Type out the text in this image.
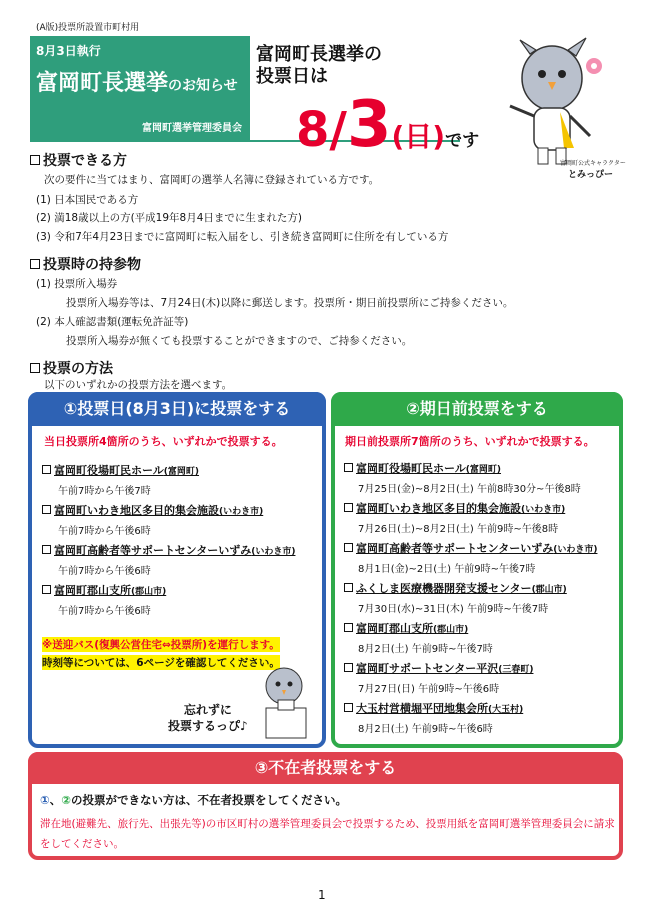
(A版)投票所設置市町村用
8月3日執行
富岡町長選挙のお知らせ
富岡町選挙管理委員会
富岡町長選挙の
投票日は
8/3(日)です
富岡町公式キャラクター
とみっぴー
投票できる方
次の要件に当てはまり、富岡町の選挙人名簿に登録されている方です。
(1) 日本国民である方
(2) 満18歳以上の方(平成19年8月4日までに生まれた方)
(3) 令和7年4月23日までに富岡町に転入届をし、引き続き富岡町に住所を有している方
投票時の持参物
(1) 投票所入場券
投票所入場券等は、7月24日(木)以降に郵送します。投票所・期日前投票所にご持参ください。
(2) 本人確認書類(運転免許証等)
投票所入場券が無くても投票することができますので、ご持参ください。
投票の方法
以下のいずれかの投票方法を選べます。
①投票日(8月3日)に投票をする
当日投票所4箇所のうち、いずれかで投票する。
富岡町役場町民ホール(富岡町)
午前7時から午後7時
富岡町いわき地区多目的集会施設(いわき市)
午前7時から午後6時
富岡町高齢者等サポートセンターいずみ(いわき市)
午前7時から午後6時
富岡町郡山支所(郡山市)
午前7時から午後6時
※送迎バス(復興公営住宅⇔投票所)を運行します。
時刻等については、6ページを確認してください。
忘れずに
投票するっぴ♪
②期日前投票をする
期日前投票所7箇所のうち、いずれかで投票する。
富岡町役場町民ホール(富岡町)
7月25日(金)~8月2日(土) 午前8時30分~午後8時
富岡町いわき地区多目的集会施設(いわき市)
7月26日(土)~8月2日(土) 午前9時~午後8時
富岡町高齢者等サポートセンターいずみ(いわき市)
8月1日(金)~2日(土) 午前9時~午後7時
ふくしま医療機器開発支援センター(郡山市)
7月30日(水)~31日(木) 午前9時~午後7時
富岡町郡山支所(郡山市)
8月2日(土) 午前9時~午後7時
富岡町サポートセンター平沢(三春町)
7月27日(日) 午前9時~午後6時
大玉村営横堀平団地集会所(大玉村)
8月2日(土) 午前9時~午後6時
③不在者投票をする
①、②の投票ができない方は、不在者投票をしてください。
滞在地(避難先、旅行先、出張先等)の市区町村の選挙管理委員会で投票するため、投票用紙を富岡町選挙管理委員会に請求をしてください。
1
